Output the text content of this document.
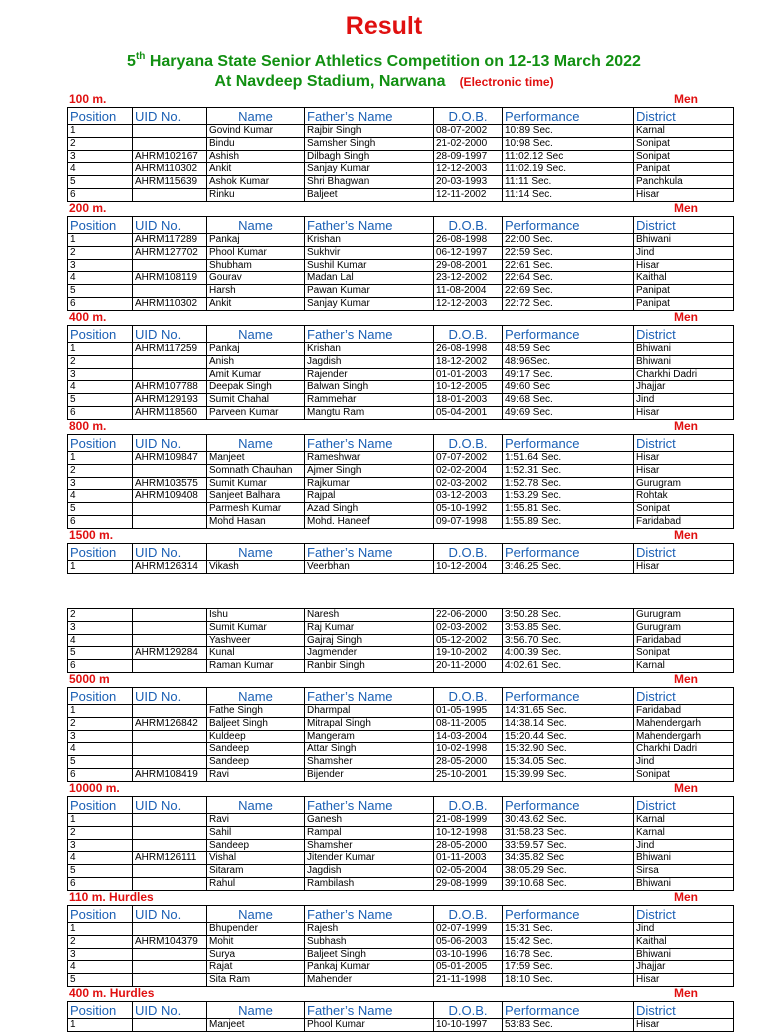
Result
5th Haryana State Senior Athletics Competition on 12-13 March 2022
At Navdeep Stadium, Narwana (Electronic time)
100 m.	Men
Position	UID No.	Name	Father’s Name	D.O.B.	Performance	District
1		Govind Kumar	Rajbir Singh	08-07-2002	10:89 Sec.	Karnal
2		Bindu	Samsher Singh	21-02-2000	10:98 Sec.	Sonipat
3	AHRM102167	Ashish	Dilbagh Singh	28-09-1997	11:02.12 Sec	Sonipat
4	AHRM110302	Ankit	Sanjay Kumar	12-12-2003	11:02.19 Sec.	Panipat
5	AHRM115639	Ashok Kumar	Shri Bhagwan	20-03-1993	11:11 Sec.	Panchkula
6		Rinku	Baljeet	12-11-2002	11:14 Sec.	Hisar
200 m.	Men
Position	UID No.	Name	Father’s Name	D.O.B.	Performance	District
1	AHRM117289	Pankaj	Krishan	26-08-1998	22:00 Sec.	Bhiwani
2	AHRM127702	Phool Kumar	Sukhvir	06-12-1997	22:59 Sec.	Jind
3		Shubham	Sushil Kumar	29-08-2001	22:61 Sec.	Hisar
4	AHRM108119	Gourav	Madan Lal	23-12-2002	22:64 Sec.	Kaithal
5		Harsh	Pawan Kumar	11-08-2004	22:69 Sec.	Panipat
6	AHRM110302	Ankit	Sanjay Kumar	12-12-2003	22:72 Sec.	Panipat
400 m.	Men
Position	UID No.	Name	Father’s Name	D.O.B.	Performance	District
1	AHRM117259	Pankaj	Krishan	26-08-1998	48:59 Sec	Bhiwani
2		Anish	Jagdish	18-12-2002	48:96Sec.	Bhiwani
3		Amit Kumar	Rajender	01-01-2003	49:17 Sec.	Charkhi Dadri
4	AHRM107788	Deepak Singh	Balwan Singh	10-12-2005	49:60 Sec	Jhajjar
5	AHRM129193	Sumit Chahal	Rammehar	18-01-2003	49:68 Sec.	Jind
6	AHRM118560	Parveen Kumar	Mangtu Ram	05-04-2001	49:69 Sec.	Hisar
800 m.	Men
Position	UID No.	Name	Father’s Name	D.O.B.	Performance	District
1	AHRM109847	Manjeet	Rameshwar	07-07-2002	1:51.64 Sec.	Hisar
2		Somnath Chauhan	Ajmer Singh	02-02-2004	1:52.31 Sec.	Hisar
3	AHRM103575	Sumit Kumar	Rajkumar	02-03-2002	1:52.78 Sec.	Gurugram
4	AHRM109408	Sanjeet Balhara	Rajpal	03-12-2003	1:53.29 Sec.	Rohtak
5		Parmesh Kumar	Azad Singh	05-10-1992	1:55.81 Sec.	Sonipat
6		Mohd Hasan	Mohd. Haneef	09-07-1998	1:55.89 Sec.	Faridabad
1500 m.	Men
Position	UID No.	Name	Father’s Name	D.O.B.	Performance	District
1	AHRM126314	Vikash	Veerbhan	10-12-2004	3:46.25 Sec.	Hisar
2		Ishu	Naresh	22-06-2000	3:50.28 Sec.	Gurugram
3		Sumit Kumar	Raj Kumar	02-03-2002	3:53.85 Sec.	Gurugram
4		Yashveer	Gajraj Singh	05-12-2002	3:56.70 Sec.	Faridabad
5	AHRM129284	Kunal	Jagmender	19-10-2002	4:00.39 Sec.	Sonipat
6		Raman Kumar	Ranbir Singh	20-11-2000	4:02.61 Sec.	Karnal
5000 m	Men
Position	UID No.	Name	Father’s Name	D.O.B.	Performance	District
1		Fathe Singh	Dharmpal	01-05-1995	14:31.65 Sec.	Faridabad
2	AHRM126842	Baljeet Singh	Mitrapal Singh	08-11-2005	14:38.14 Sec.	Mahendergarh
3		Kuldeep	Mangeram	14-03-2004	15:20.44 Sec.	Mahendergarh
4		Sandeep	Attar Singh	10-02-1998	15:32.90 Sec.	Charkhi Dadri
5		Sandeep	Shamsher	28-05-2000	15:34.05 Sec.	Jind
6	AHRM108419	Ravi	Bijender	25-10-2001	15:39.99 Sec.	Sonipat
10000 m.	Men
Position	UID No.	Name	Father’s Name	D.O.B.	Performance	District
1		Ravi	Ganesh	21-08-1999	30:43.62 Sec.	Karnal
2		Sahil	Rampal	10-12-1998	31:58.23 Sec.	Karnal
3		Sandeep	Shamsher	28-05-2000	33:59.57 Sec.	Jind
4	AHRM126111	Vishal	Jitender Kumar	01-11-2003	34:35.82 Sec	Bhiwani
5		Sitaram	Jagdish	02-05-2004	38:05.29 Sec.	Sirsa
6		Rahul	Rambilash	29-08-1999	39:10.68 Sec.	Bhiwani
110 m. Hurdles	Men
Position	UID No.	Name	Father’s Name	D.O.B.	Performance	District
1		Bhupender	Rajesh	02-07-1999	15:31 Sec.	Jind
2	AHRM104379	Mohit	Subhash	05-06-2003	15:42 Sec.	Kaithal
3		Surya	Baljeet Singh	03-10-1996	16:78 Sec.	Bhiwani
4		Rajat	Pankaj Kumar	05-01-2005	17:59 Sec.	Jhajjar
5		Sita Ram	Mahender	21-11-1998	18:10 Sec.	Hisar
400 m. Hurdles	Men
Position	UID No.	Name	Father’s Name	D.O.B.	Performance	District
1		Manjeet	Phool Kumar	10-10-1997	53:83 Sec.	Hisar
